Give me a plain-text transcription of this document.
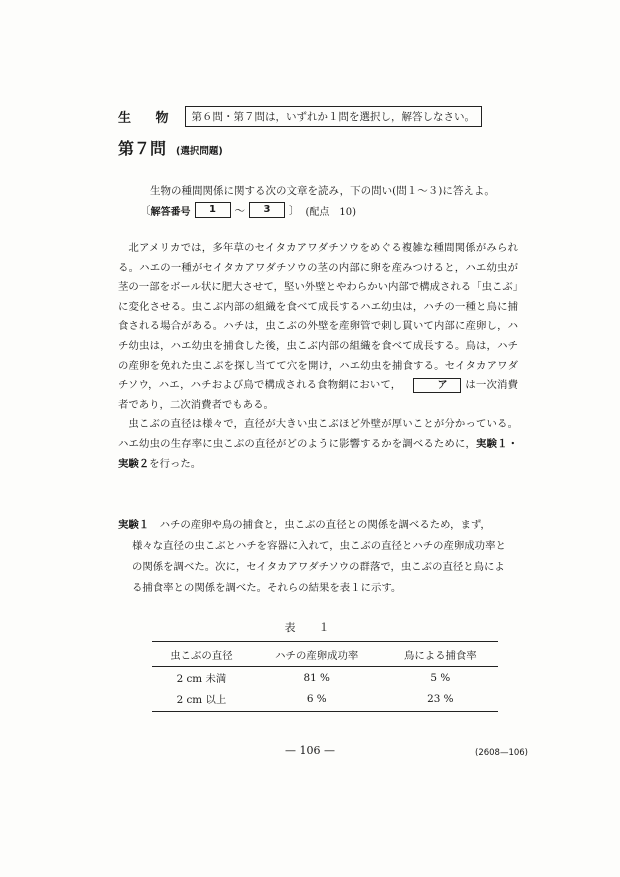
生 物	第６問・第７問は，いずれか１問を選択し，解答しなさい。
第７問 (選択問題)
生物の種間関係に関する次の文章を読み，下の問い(問１～３)に答えよ。
〔 解答番号	1	～	3	〕 (配点　10)

北アメリカでは，多年草のセイタカアワダチソウをめぐる複雑な種間関係がみられる。ハエの一種がセイタカアワダチソウの茎の内部に卵を産みつけると，ハエ幼虫が茎の一部をボール状に肥大させて，堅い外壁とやわらかい内部で構成される「虫こぶ」に変化させる。虫こぶ内部の組織を食べて成長するハエ幼虫は，ハチの一種と鳥に捕食される場合がある。ハチは，虫こぶの外壁を産卵管で刺し貫いて内部に産卵し，ハチ幼虫は，ハエ幼虫を捕食した後，虫こぶ内部の組織を食べて成長する。鳥は，ハチの産卵を免れた虫こぶを探し当てて穴を開け，ハエ幼虫を捕食する。セイタカアワダチソウ，ハエ，ハチおよび鳥で構成される食物網において，	ア は一次消費者であり，二次消費者でもある。

虫こぶの直径は様々で，直径が大きい虫こぶほど外壁が厚いことが分かっている。ハエ幼虫の生存率に虫こぶの直径がどのように影響するかを調べるために，実験１・実験２を行った。

実験１　 ハチの産卵や鳥の捕食と，虫こぶの直径との関係を調べるため，まず，
様々な直径の虫こぶとハチを容器に入れて，虫こぶの直径とハチの産卵成功率と
の関係を調べた。次に，セイタカアワダチソウの群落で，虫こぶの直径と鳥によ
る捕食率との関係を調べた。それらの結果を表１に示す。
表　１
虫こぶの直径	ハチの産卵成功率	鳥による捕食率
2 cm 未満	81 %	5 %
2 cm 以上	6 %	23 %
— 106 —	(2608—106)
